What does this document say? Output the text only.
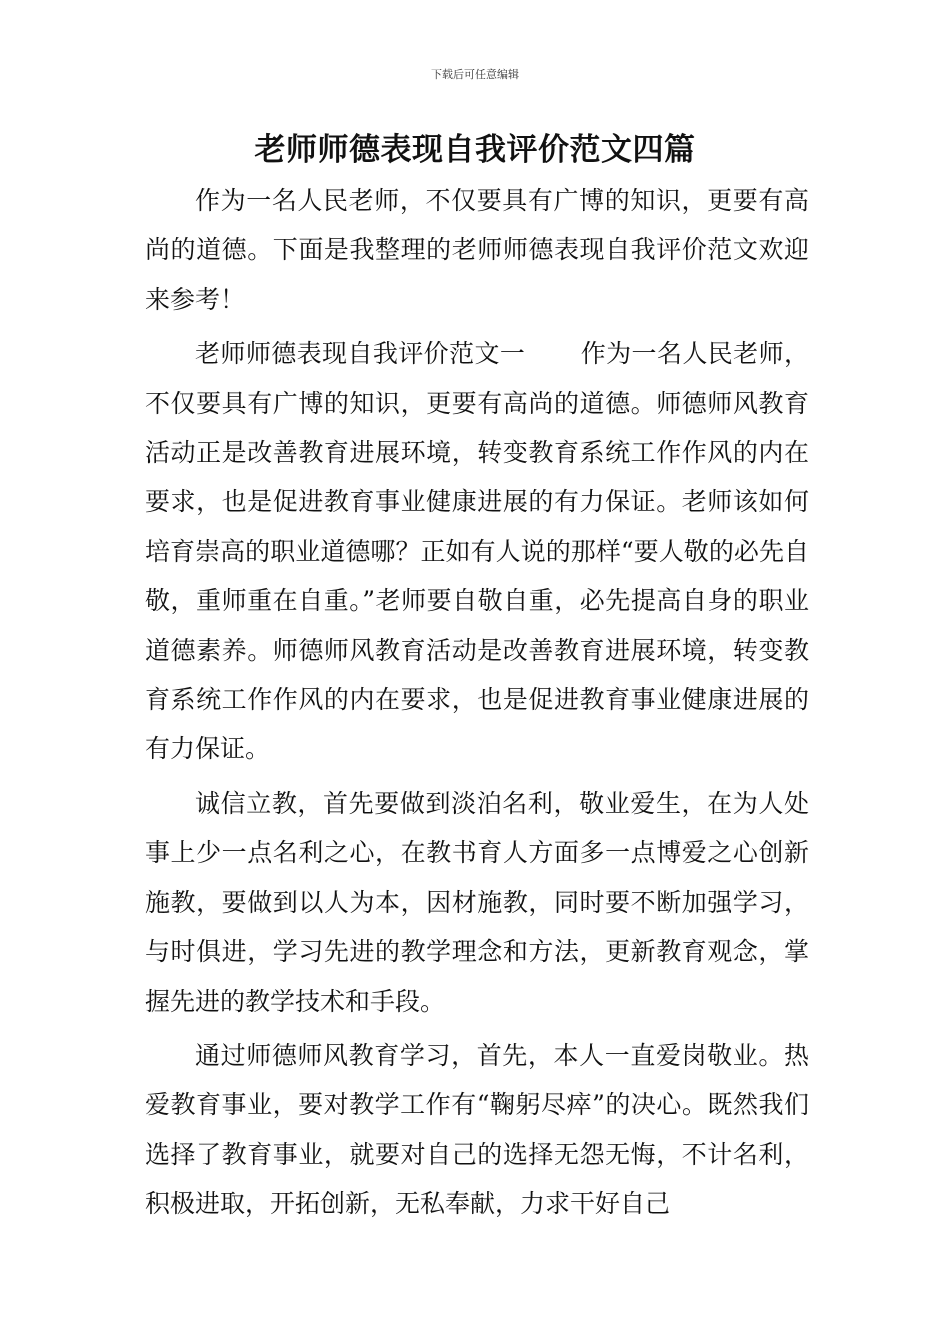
下载后可任意编辑
老师师德表现自我评价范文四篇

作为一名人民老师，不仅要具有广博的知识，更要有高尚的道德。下面是我整理的老师师德表现自我评价范文欢迎来参考！

老师师德表现自我评价范文一 作为一名人民老师，不仅要具有广博的知识，更要有高尚的道德。师德师风教育活动正是改善教育进展环境，转变教育系统工作作风的内在要求，也是促进教育事业健康进展的有力保证。老师该如何培育崇高的职业道德哪？正如有人说的那样“要人敬的必先自敬，重师重在自重。”老师要自敬自重，必先提高自身的职业道德素养。师德师风教育活动是改善教育进展环境，转变教育系统工作作风的内在要求，也是促进教育事业健康进展的有力保证。

诚信立教，首先要做到淡泊名利，敬业爱生，在为人处事上少一点名利之心，在教书育人方面多一点博爱之心创新施教，要做到以人为本，因材施教，同时要不断加强学习，与时俱进，学习先进的教学理念和方法，更新教育观念，掌握先进的教学技术和手段。

通过师德师风教育学习，首先，本人一直爱岗敬业。热爱教育事业，要对教学工作有“鞠躬尽瘁”的决心。既然我们选择了教育事业，就要对自己的选择无怨无悔，不计名利，积极进取，开拓创新，无私奉献，力求干好自己
